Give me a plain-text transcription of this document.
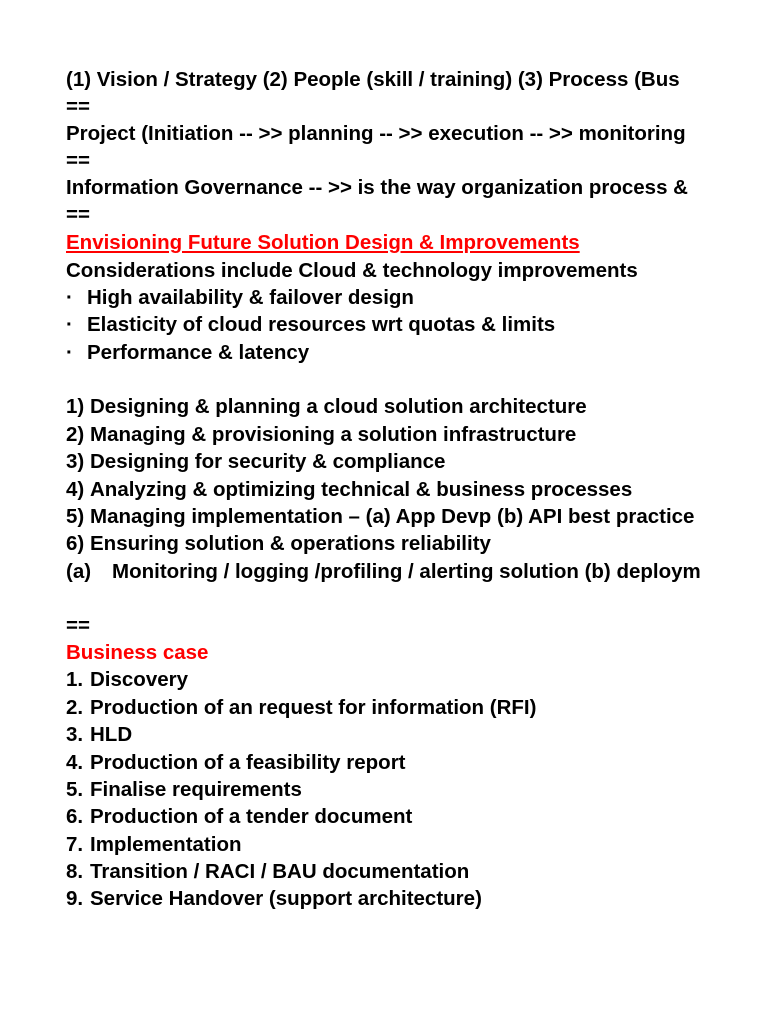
(1) Vision / Strategy (2) People (skill / training) (3) Process (Bus
==
Project (Initiation -- >> planning -- >> execution -- >> monitoring
==
Information Governance -- >> is the way organization process &
==
Envisioning Future Solution Design & Improvements
Considerations include Cloud & technology improvements
· High availability & failover design
· Elasticity of cloud resources wrt quotas & limits
· Performance & latency
1) Designing & planning a cloud solution architecture
2) Managing & provisioning a solution infrastructure
3) Designing for security & compliance
4) Analyzing & optimizing technical & business processes
5) Managing implementation – (a) App Devp (b) API best practice
6) Ensuring solution & operations reliability
(a) Monitoring / logging /profiling / alerting solution (b) deploym
==
Business case
1. Discovery
2. Production of an request for information (RFI)
3. HLD
4. Production of a feasibility report
5. Finalise requirements
6. Production of a tender document
7. Implementation
8. Transition / RACI / BAU documentation
9. Service Handover (support architecture)
